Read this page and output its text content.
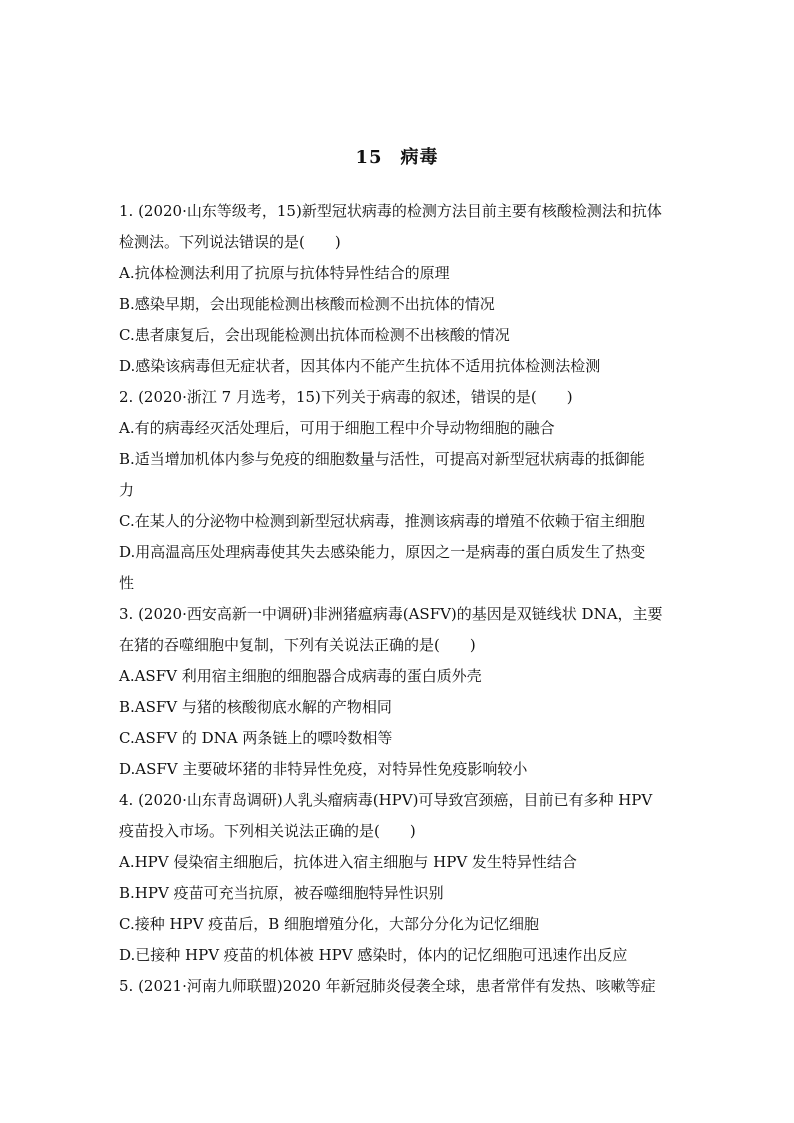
15 病毒
1. (2020·山东等级考，15)新型冠状病毒的检测方法目前主要有核酸检测法和抗体
检测法。下列说法错误的是(　　)
A.抗体检测法利用了抗原与抗体特异性结合的原理
B.感染早期，会出现能检测出核酸而检测不出抗体的情况
C.患者康复后，会出现能检测出抗体而检测不出核酸的情况
D.感染该病毒但无症状者，因其体内不能产生抗体不适用抗体检测法检测
2. (2020·浙江 7 月选考，15)下列关于病毒的叙述，错误的是(　　)
A.有的病毒经灭活处理后，可用于细胞工程中介导动物细胞的融合
B.适当增加机体内参与免疫的细胞数量与活性，可提高对新型冠状病毒的抵御能
力
C.在某人的分泌物中检测到新型冠状病毒，推测该病毒的增殖不依赖于宿主细胞
D.用高温高压处理病毒使其失去感染能力，原因之一是病毒的蛋白质发生了热变
性
3. (2020·西安高新一中调研)非洲猪瘟病毒(ASFV)的基因是双链线状 DNA，主要
在猪的吞噬细胞中复制，下列有关说法正确的是(　　)
A.ASFV 利用宿主细胞的细胞器合成病毒的蛋白质外壳
B.ASFV 与猪的核酸彻底水解的产物相同
C.ASFV 的 DNA 两条链上的嘌呤数相等
D.ASFV 主要破坏猪的非特异性免疫，对特异性免疫影响较小
4. (2020·山东青岛调研)人乳头瘤病毒(HPV)可导致宫颈癌，目前已有多种 HPV
疫苗投入市场。下列相关说法正确的是(　　)
A.HPV 侵染宿主细胞后，抗体进入宿主细胞与 HPV 发生特异性结合
B.HPV 疫苗可充当抗原，被吞噬细胞特异性识别
C.接种 HPV 疫苗后，B 细胞增殖分化，大部分分化为记忆细胞
D.已接种 HPV 疫苗的机体被 HPV 感染时，体内的记忆细胞可迅速作出反应
5. (2021·河南九师联盟)2020 年新冠肺炎侵袭全球，患者常伴有发热、咳嗽等症
